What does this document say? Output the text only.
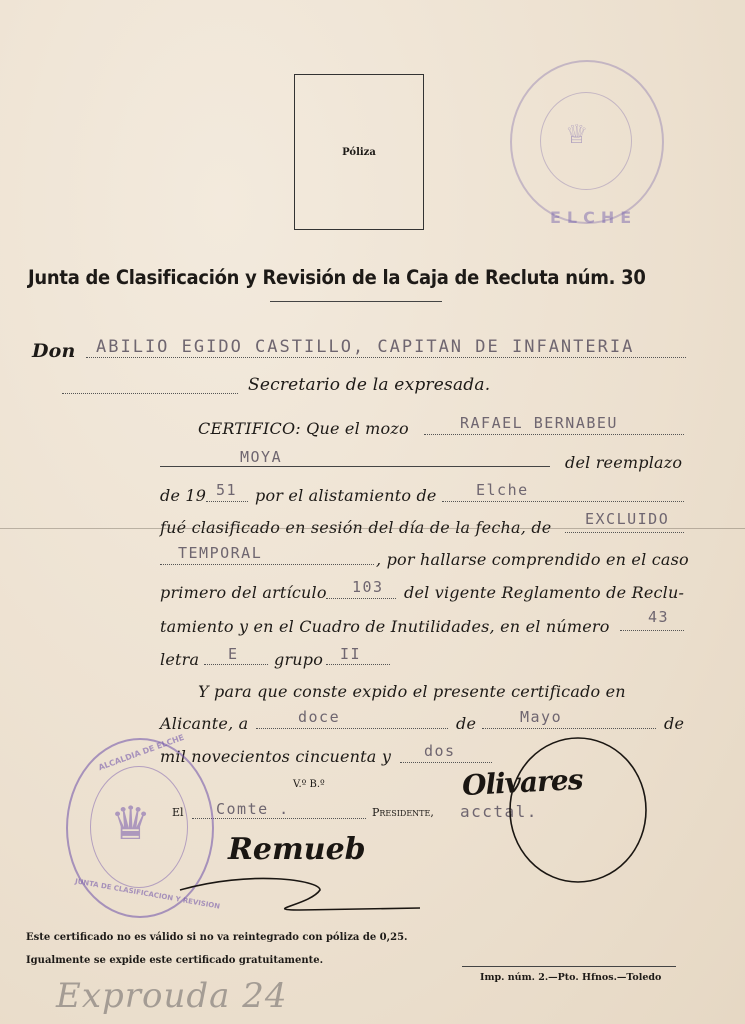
Póliza
♕
ELCHE
Junta de Clasificación y Revisión de la Caja de Recluta núm. 30
Don ABILIO EGIDO CASTILLO, CAPITAN DE INFANTERIA
Secretario de la expresada.
CERTIFICO: Que el mozo	RAFAEL BERNABEU
MOYA	del reemplazo
de 19 51 por el alistamiento de	Elche
fué clasificado en sesión del día de la fecha, de EXCLUIDO
TEMPORAL	, por hallarse comprendido en el caso
primero del artículo 103 del vigente Reglamento de Reclu-
tamiento y en el Cuadro de Inutilidades, en el número	43
letra E grupo II
Y para que conste expido el presente certificado en
Alicante, a	doce	de	Mayo	de
mil novecientos cincuenta y dos
V.º B.º
El Comte .	Presidente, acctal.
Olivares
♛
ALCALDIA DE ELCHE
JUNTA DE CLASIFICACION Y REVISION
Remueb
Este certificado no es válido si no va reintegrado con póliza de 0,25.
Igualmente se expide este certificado gratuitamente.
Imp. núm. 2.—Pto. Hfnos.—Toledo
Exprouda 24
